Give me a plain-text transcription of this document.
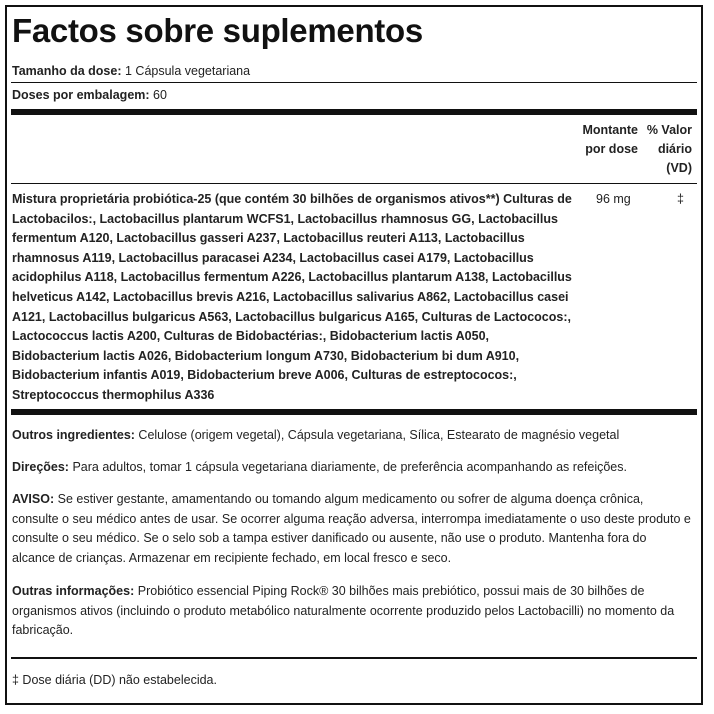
Factos sobre suplementos
Tamanho da dose: 1 Cápsula vegetariana
Doses por embalagem: 60
Montante
por dose
% Valor
diário
(VD)
Mistura proprietária probiótica-25 (que contém 30 bilhões de organismos ativos**) Culturas de Lactobacilos:, Lactobacillus plantarum WCFS1, Lactobacillus rhamnosus GG, Lactobacillus fermentum A120, Lactobacillus gasseri A237, Lactobacillus reuteri A113, Lactobacillus rhamnosus A119, Lactobacillus paracasei A234, Lactobacillus casei A179, Lactobacillus acidophilus A118, Lactobacillus fermentum A226, Lactobacillus plantarum A138, Lactobacillus helveticus A142, Lactobacillus brevis A216, Lactobacillus salivarius A862, Lactobacillus casei A121, Lactobacillus bulgaricus A563, Lactobacillus bulgaricus A165, Culturas de Lactococos:, Lactococcus lactis A200, Culturas de Bidobactérias:, Bidobacterium lactis A050, Bidobacterium lactis A026, Bidobacterium longum A730, Bidobacterium bi dum A910, Bidobacterium infantis A019, Bidobacterium breve A006, Culturas de estreptococos:, Streptococcus thermophilus A336
96 mg	‡
Outros ingredientes: Celulose (origem vegetal), Cápsula vegetariana, Sílica, Estearato de magnésio vegetal
Direções: Para adultos, tomar 1 cápsula vegetariana diariamente, de preferência acompanhando as refeições.
AVISO: Se estiver gestante, amamentando ou tomando algum medicamento ou sofrer de alguma doença crônica, consulte o seu médico antes de usar. Se ocorrer alguma reação adversa, interrompa imediatamente o uso deste produto e consulte o seu médico. Se o selo sob a tampa estiver danificado ou ausente, não use o produto. Mantenha fora do alcance de crianças. Armazenar em recipiente fechado, em local fresco e seco.
Outras informações: Probiótico essencial Piping Rock® 30 bilhões mais prebiótico, possui mais de 30 bilhões de organismos ativos (incluindo o produto metabólico naturalmente ocorrente produzido pelos Lactobacilli) no momento da fabricação.
‡ Dose diária (DD) não estabelecida.
